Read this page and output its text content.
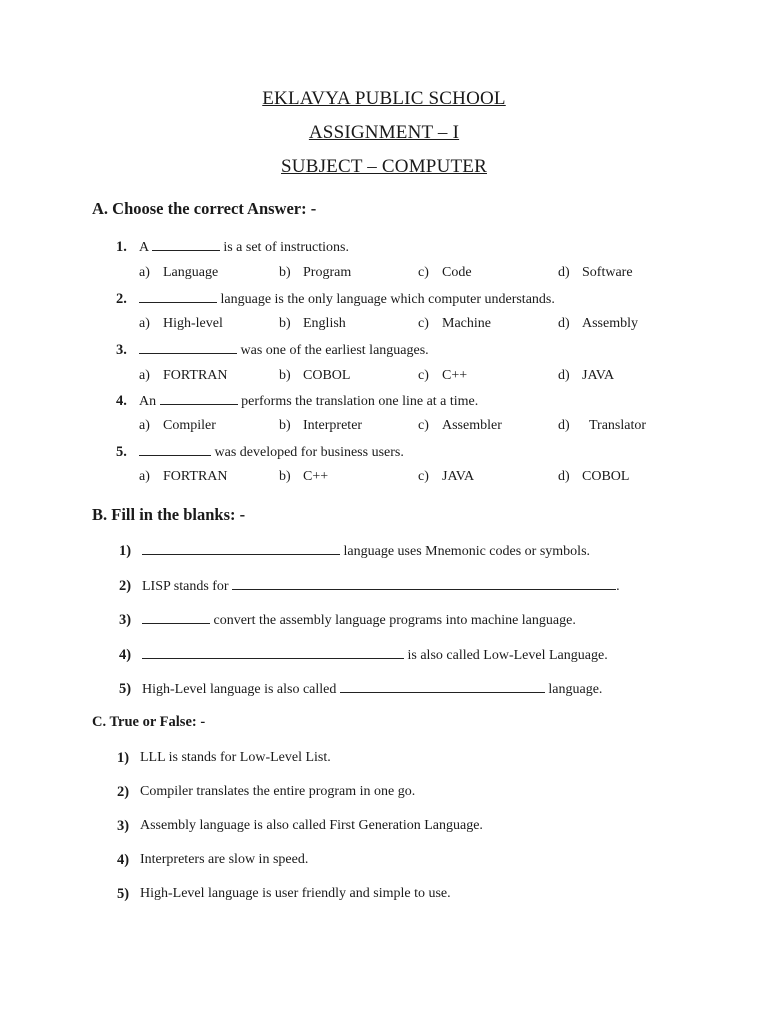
EKLAVYA PUBLIC SCHOOL
ASSIGNMENT – I
SUBJECT – COMPUTER
A. Choose the correct Answer: -
1. A	is a set of instructions.
a) Language	b) Program	c) Code	d) Software
2.	language is the only language which computer understands.
a) High-level	b) English	c) Machine	d) Assembly
3.	was one of the earliest languages.
a) FORTRAN	b) COBOL	c) C++	d) JAVA
4. An	performs the translation one line at a time.
a) Compiler	b) Interpreter	c) Assembler	d) Translator
5.	was developed for business users.
a) FORTRAN	b) C++	c) JAVA	d) COBOL
B. Fill in the blanks: -
1)	language uses Mnemonic codes or symbols.
2) LISP stands for	.
3)	convert the assembly language programs into machine language.
4)	is also called Low-Level Language.
5) High-Level language is also called	language.
C. True or False: -
1) LLL is stands for Low-Level List.
2) Compiler translates the entire program in one go.
3) Assembly language is also called First Generation Language.
4) Interpreters are slow in speed.
5) High-Level language is user friendly and simple to use.
